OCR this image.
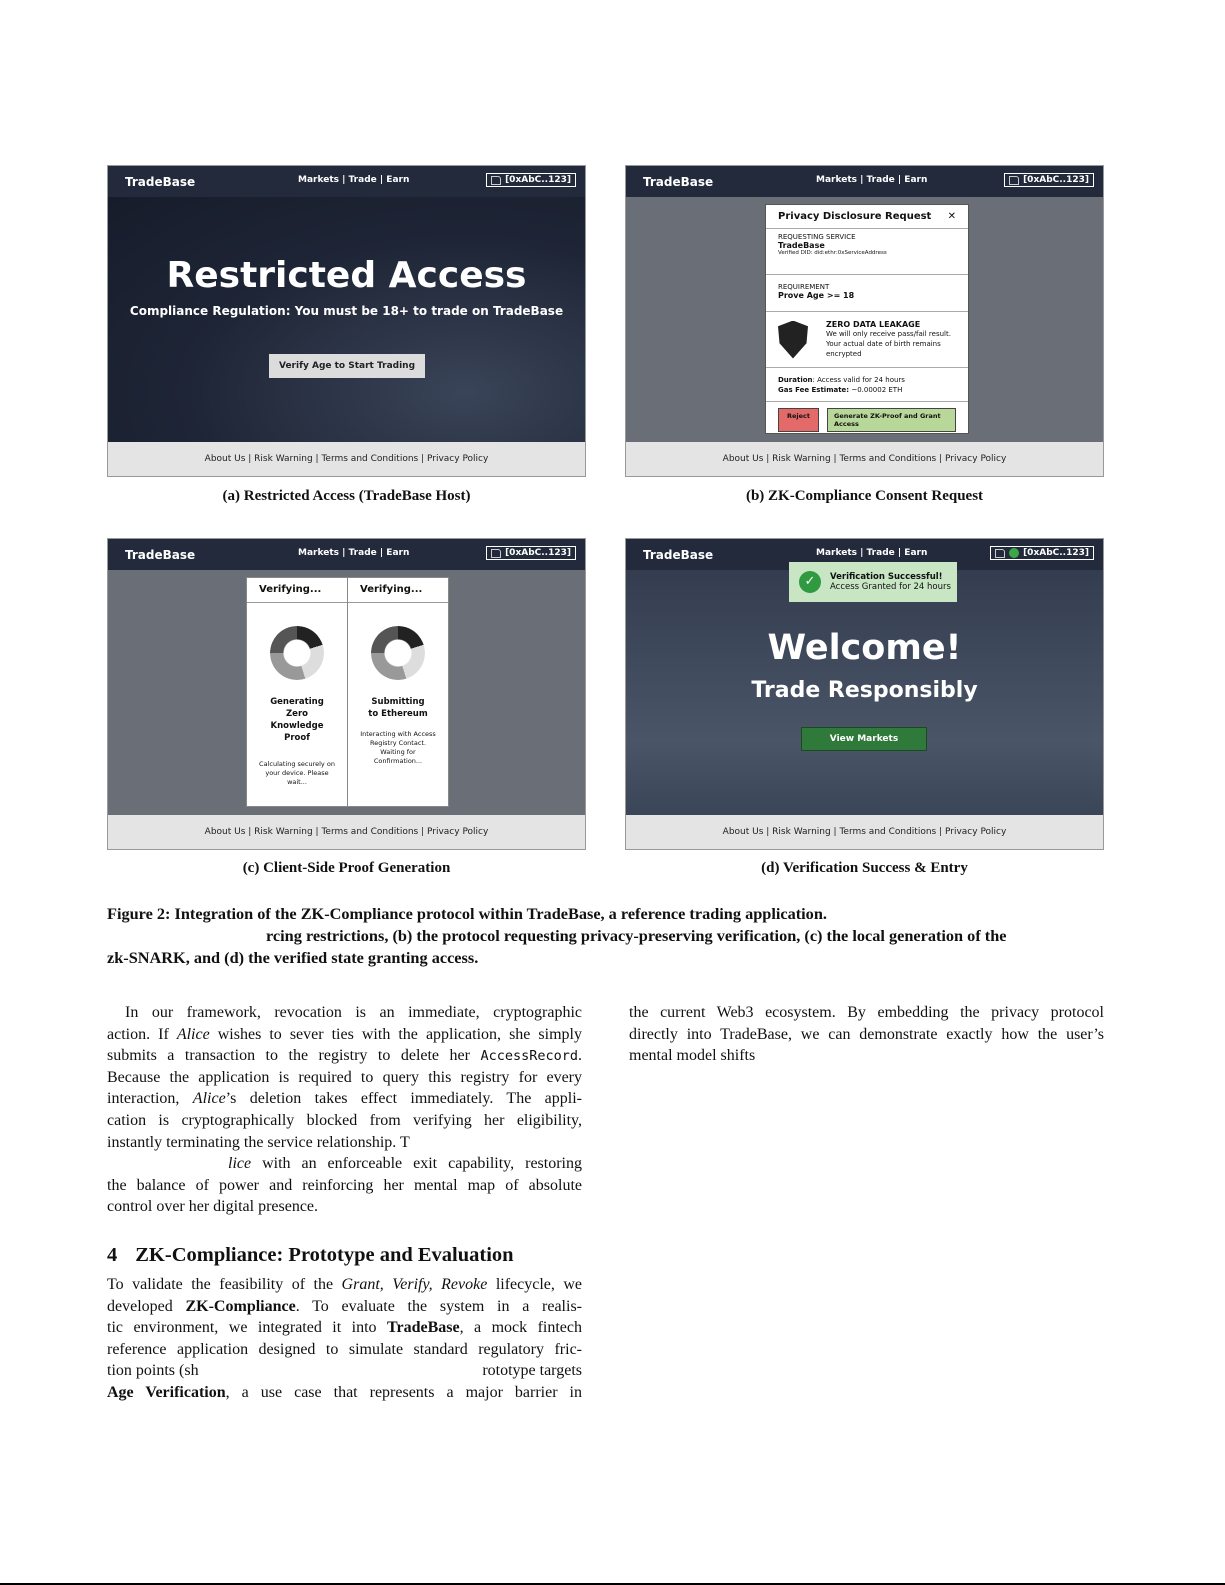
Restricted Access
Compliance Regulation: You must be 18+ to trade on TradeBase
Verify Age to Start Trading
TradeBase	Markets | Trade | Earn	[0xAbC..123]
About Us | Risk Warning | Terms and Conditions | Privacy Policy
(a) Restricted Access (TradeBase Host)
TradeBase	Markets | Trade | Earn	[0xAbC..123]
Privacy Disclosure Request ✕
REQUESTING SERVICE
TradeBase
Verified DID: did:ethr:0xServiceAddress
REQUIREMENT
Prove Age >= 18
ZERO DATA LEAKAGE
We will only receive pass/fail result. Your actual date of birth remains encrypted
Duration: Access valid for 24 hours
Gas Fee Estimate: ~0.00002 ETH
Reject	Generate ZK-Proof and Grant Access
About Us | Risk Warning | Terms and Conditions | Privacy Policy
(b) ZK-Compliance Consent Request
TradeBase	Markets | Trade | Earn	[0xAbC..123]
Verifying...
Generating Zero Knowledge Proof
Calculating securely on your device. Please wait...
Verifying...
Submitting to Ethereum
Interacting with Access Registry Contact. Waiting for Confirmation...
About Us | Risk Warning | Terms and Conditions | Privacy Policy
(c) Client-Side Proof Generation
Welcome!
Trade Responsibly
TradeBase	Markets | Trade | Earn	[0xAbC..123]
✓	Verification Successful!
Access Granted for 24 hours
View Markets
About Us | Risk Warning | Terms and Conditions | Privacy Policy
(d) Verification Success & Entry
Figure 2: Integration of the ZK-Compliance protocol within TradeBase, a reference trading application.
rcing restrictions, (b) the protocol requesting privacy-preserving verification, (c) the local generation of the
zk-SNARK, and (d) the verified state granting access.
In our framework, revocation is an immediate, cryptographic
action. If Alice wishes to sever ties with the application, she simply
submits a transaction to the registry to delete her AccessRecord.
Because the application is required to query this registry for every
interaction, Alice’s deletion takes effect immediately. The appli-
cation is cryptographically blocked from verifying her eligibility,
instantly terminating the service relationship. T
lice with an enforceable exit capability, restoring
the balance of power and reinforcing her mental map of absolute
control over her digital presence.
4 ZK-Compliance: Prototype and Evaluation
To validate the feasibility of the Grant, Verify, Revoke lifecycle, we
developed ZK-Compliance. To evaluate the system in a realis-
tic environment, we integrated it into TradeBase, a mock fintech
reference application designed to simulate standard regulatory fric-
tion points (sh	rototype targets
Age Verification, a use case that represents a major barrier in
the current Web3 ecosystem. By embedding the privacy protocol
directly into TradeBase, we can demonstrate exactly how the user’s
mental model shifts
